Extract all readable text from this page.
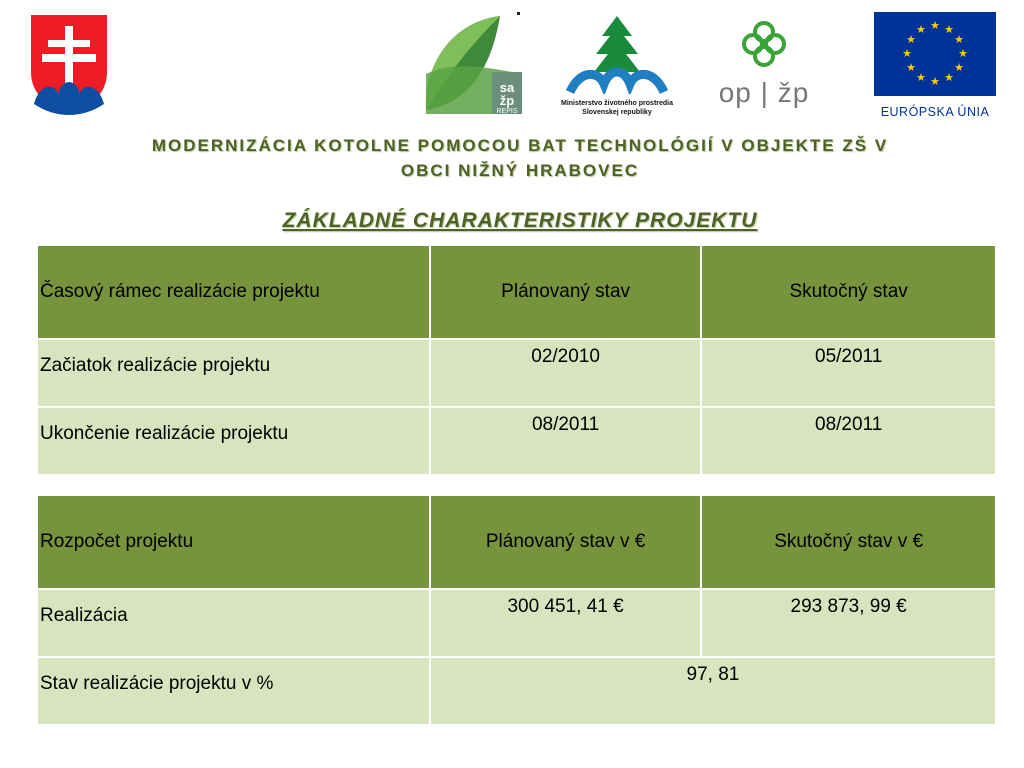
sa
žp
REPIS
Ministerstvo životného prostredia
Slovenskej republiky
op | žp
★ ★
★
★
★
★
★
★
★
★
★
★
EURÓPSKA ÚNIA
MODERNIZÁCIA KOTOLNE POMOCOU BAT TECHNOLÓGIÍ V OBJEKTE ZŠ V
OBCI NIŽNÝ HRABOVEC
ZÁKLADNÉ CHARAKTERISTIKY PROJEKTU
Časový rámec realizácie projektu	Plánovaný stav	Skutočný stav
Začiatok realizácie projektu	02/2010	05/2011
Ukončenie realizácie projektu	08/2011	08/2011
Rozpočet projektu	Plánovaný stav v €	Skutočný stav v €
Realizácia	300 451, 41 €	293 873, 99 €
Stav realizácie projektu v %	97, 81	
